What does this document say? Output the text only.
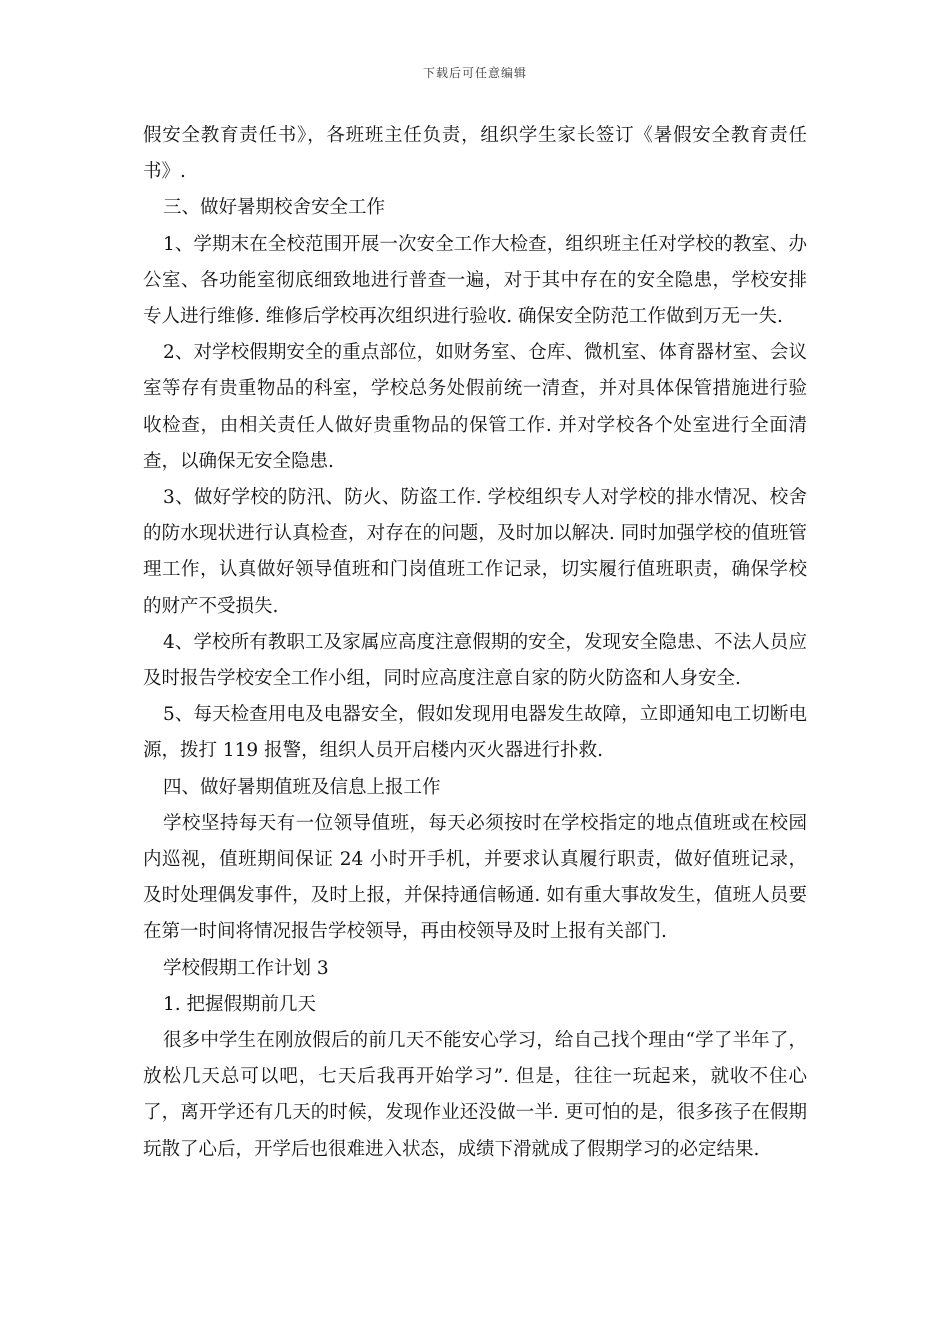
下载后可任意编辑

假安全教育责任书》，各班班主任负责，组织学生家长签订《暑假安全教育责任书》.

三、做好暑期校舍安全工作

1、学期末在全校范围开展一次安全工作大检查，组织班主任对学校的教室、办公室、各功能室彻底细致地进行普查一遍，对于其中存在的安全隐患，学校安排专人进行维修. 维修后学校再次组织进行验收. 确保安全防范工作做到万无一失.

2、对学校假期安全的重点部位，如财务室、仓库、微机室、体育器材室、会议室等存有贵重物品的科室，学校总务处假前统一清查，并对具体保管措施进行验收检查，由相关责任人做好贵重物品的保管工作. 并对学校各个处室进行全面清查，以确保无安全隐患.

3、做好学校的防汛、防火、防盗工作. 学校组织专人对学校的排水情况、校舍的防水现状进行认真检查，对存在的问题，及时加以解决. 同时加强学校的值班管理工作，认真做好领导值班和门岗值班工作记录，切实履行值班职责，确保学校的财产不受损失.

4、学校所有教职工及家属应高度注意假期的安全，发现安全隐患、不法人员应及时报告学校安全工作小组，同时应高度注意自家的防火防盗和人身安全.

5、每天检查用电及电器安全，假如发现用电器发生故障，立即通知电工切断电源，拨打 119 报警，组织人员开启楼内灭火器进行扑救.

四、做好暑期值班及信息上报工作

学校坚持每天有一位领导值班，每天必须按时在学校指定的地点值班或在校园内巡视，值班期间保证 24 小时开手机，并要求认真履行职责，做好值班记录，及时处理偶发事件，及时上报，并保持通信畅通. 如有重大事故发生，值班人员要在第一时间将情况报告学校领导，再由校领导及时上报有关部门.

学校假期工作计划 3

1. 把握假期前几天

很多中学生在刚放假后的前几天不能安心学习，给自己找个理由“学了半年了，放松几天总可以吧，七天后我再开始学习”. 但是，往往一玩起来，就收不住心了，离开学还有几天的时候，发现作业还没做一半. 更可怕的是，很多孩子在假期玩散了心后，开学后也很难进入状态，成绩下滑就成了假期学习的必定结果.
